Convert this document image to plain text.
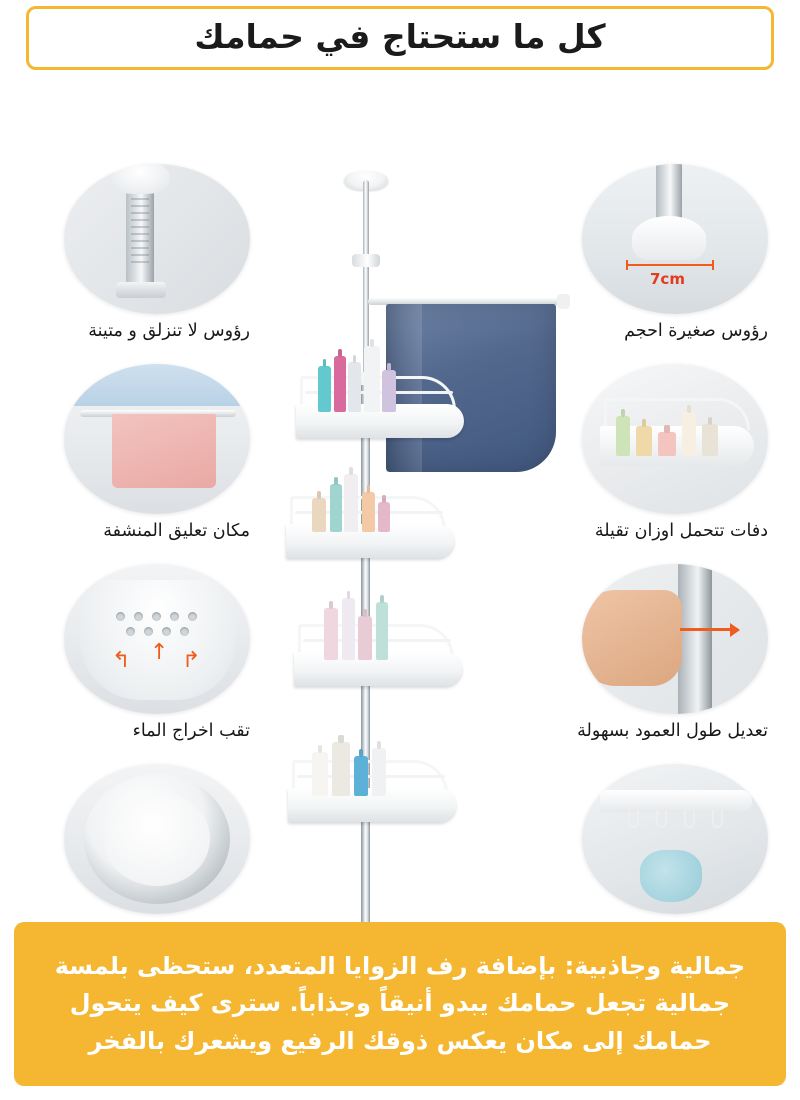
كل ما ستحتاج في حمامك
رؤوس لا تنزلق و متينة
مكان تعليق المنشفة
↰ ↑ ↱
تقب اخراج الماء
7cm
رؤوس صغيرة احجم
دفات تتحمل اوزان تقيلة
تعديل طول العمود بسهولة
جمالية وجاذبية: بإضافة رف الزوايا المتعدد، ستحظى بلمسة جمالية تجعل حمامك يبدو أنيقاً وجذاباً. سترى كيف يتحول حمامك إلى مكان يعكس ذوقك الرفيع ويشعرك بالفخر
